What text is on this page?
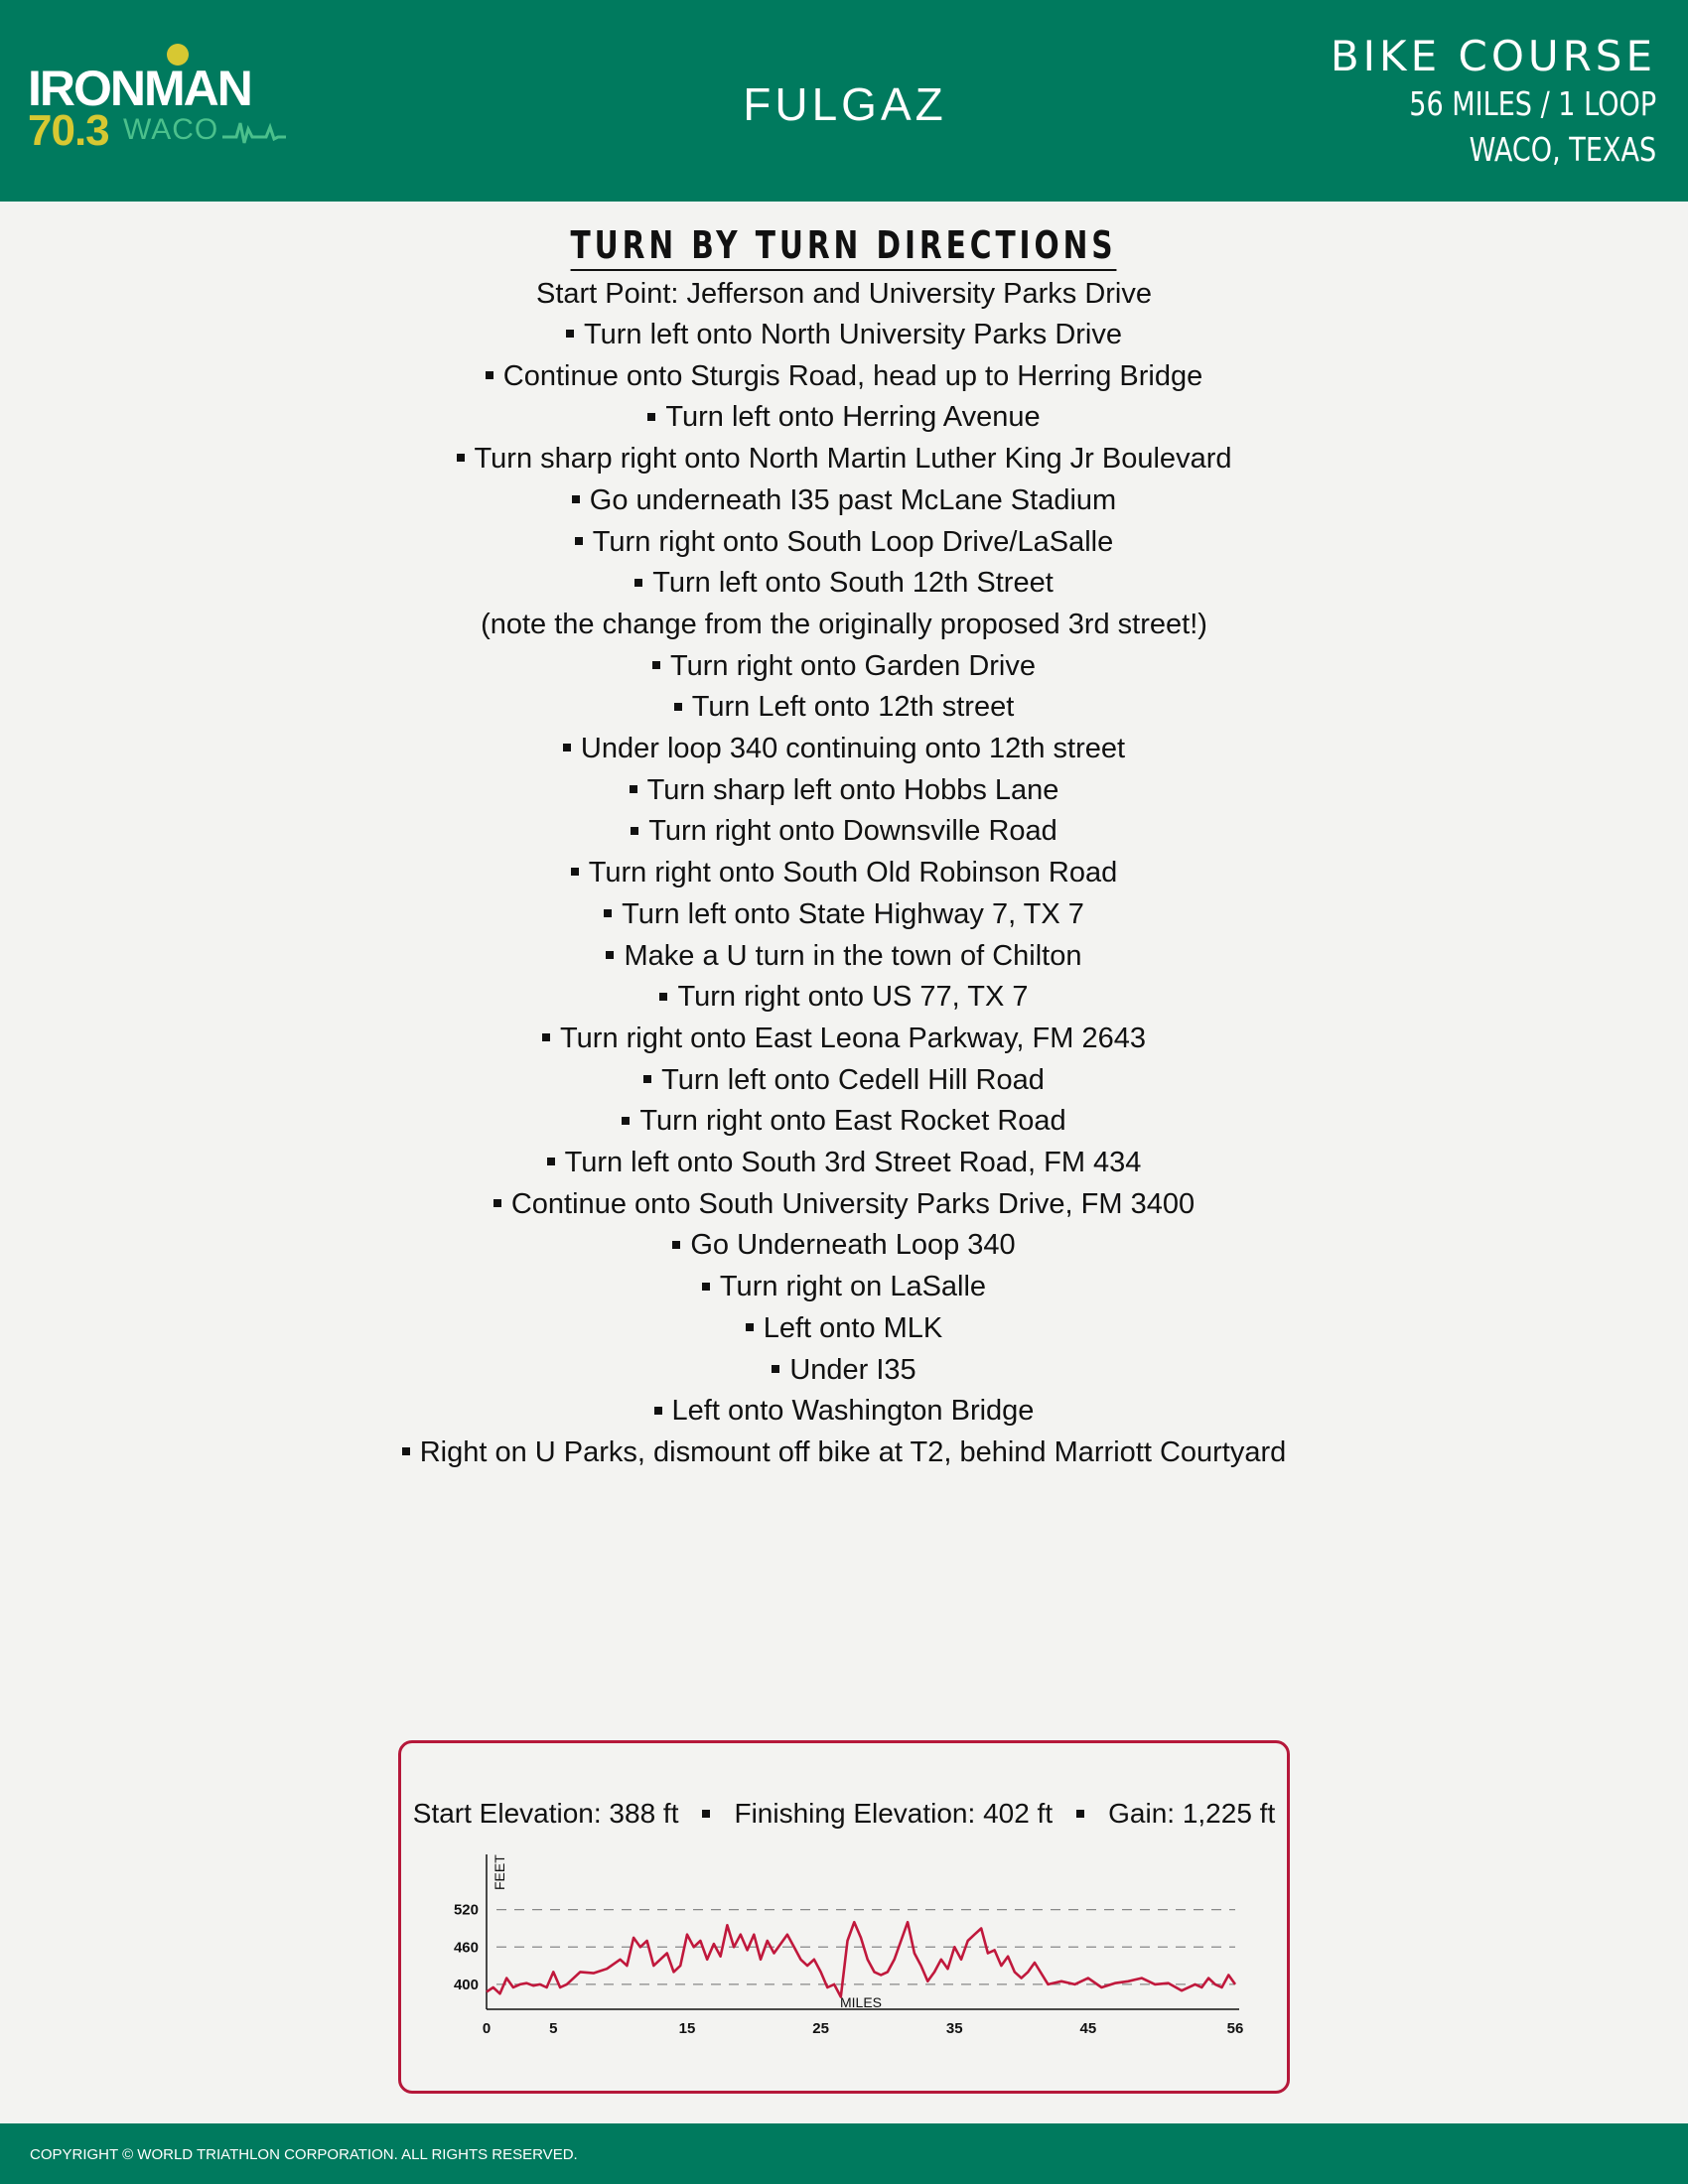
IRONMAN
70.3 WACO	FULGAZ
BIKE COURSE
56 MILES / 1 LOOP
WACO, TEXAS
TURN BY TURN DIRECTIONS
Start Point: Jefferson and University Parks Drive
Turn left onto North University Parks Drive
Continue onto Sturgis Road, head up to Herring Bridge
Turn left onto Herring Avenue
Turn sharp right onto North Martin Luther King Jr Boulevard
Go underneath I35 past McLane Stadium
Turn right onto South Loop Drive/LaSalle
Turn left onto South 12th Street
(note the change from the originally proposed 3rd street!)
Turn right onto Garden Drive
Turn Left onto 12th street
Under loop 340 continuing onto 12th street
Turn sharp left onto Hobbs Lane
Turn right onto Downsville Road
Turn right onto South Old Robinson Road
Turn left onto State Highway 7, TX 7
Make a U turn in the town of Chilton
Turn right onto US 77, TX 7
Turn right onto East Leona Parkway, FM 2643
Turn left onto Cedell Hill Road
Turn right onto East Rocket Road
Turn left onto South 3rd Street Road, FM 434
Continue onto South University Parks Drive, FM 3400
Go Underneath Loop 340
Turn right on LaSalle
Left onto MLK
Under I35
Left onto Washington Bridge
Right on U Parks, dismount off bike at T2, behind Marriott Courtyard
Start Elevation: 388 ft Finishing Elevation: 402 ft Gain: 1,225 ft
400
460
520
0	5	15	25	35	45	56
FEET
MILES
COPYRIGHT © WORLD TRIATHLON CORPORATION. ALL RIGHTS RESERVED.
